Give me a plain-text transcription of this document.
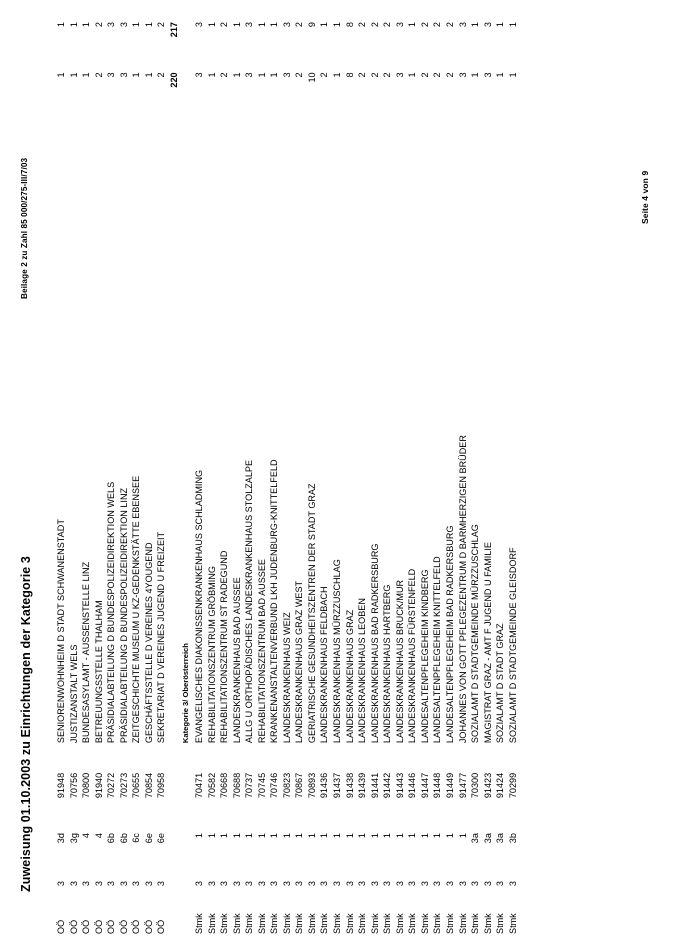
Zuweisung 01.10.2003 zu Einrichtungen der Kategorie 3
Beilage 2 zu Zahl 85 000/275-III/7/03	Seite 4 von 9
OÖ	3	3d		91948	SENIORENWOHNHEIM D STADT SCHWANENSTADT	1	1
OÖ	3	3g		70756	JUSTIZANSTALT WELS	1	1
OÖ	3	4		70800	BUNDESASYLAMT - AUSSENSTELLE LINZ	1	1
OÖ	3	4		91940	BETREUUNGSSTELLE THALHAM	2	2
OÖ	3	6b		70272	PRÄSIDIALABTEILUNG D BUNDESPOLIZEIDIREKTION WELS	3	3
OÖ	3	6b		70273	PRÄSIDIALABTEILUNG D BUNDESPOLIZEIDIREKTION LINZ	3	3
OÖ	3	6c		70655	ZEITGESCHICHTE MUSEUM U KZ-GEDENKSTÄTTE EBENSEE	1	1
OÖ	3	6e		70854	GESCHÄFTSSTELLE D VEREINES 4YOUGEND	1	1
OÖ	3	6e		70958	SEKRETARIAT D VEREINES JUGEND U FREIZEIT	2	2
						220	217
					Kategorie 3/ Oberösterreich		
Stmk	3	1		70471	EVANGELISCHES DIAKONISSENKRANKENHAUS SCHLADMING	3	3
Stmk	3	1		70582	REHABILITATIONSZENTRUM GRÖBMING	1	1
Stmk	3	1		70668	REHABILITATIONSZENTRUM ST RADEGUND	2	2
Stmk	3	1		70688	LANDESKRANKENHAUS BAD AUSSEE	1	1
Stmk	3	1		70737	ALLG U ORTHOPÄDISCHES LANDESKRANKENHAUS STOLZALPE	3	3
Stmk	3	1		70745	REHABILITATIONSZENTRUM BAD AUSSEE	1	1
Stmk	3	1		70746	KRANKENANSTALTENVERBUND LKH JUDENBURG-KNITTELFELD	1	1
Stmk	3	1		70823	LANDESKRANKENHAUS WEIZ	3	3
Stmk	3	1		70867	LANDESKRANKENHAUS GRAZ WEST	2	2
Stmk	3	1		70893	GERIATRISCHE GESUNDHEITSZENTREN DER STADT GRAZ	10	9
Stmk	3	1		91436	LANDESKRANKENHAUS FELDBACH	2	1
Stmk	3	1		91437	LANDESKRANKENHAUS MÜRZZUSCHLAG	1	1
Stmk	3	1		91438	LANDESKRANKENHAUS GRAZ	8	8
Stmk	3	1		91439	LANDESKRANKENHAUS LEOBEN	2	2
Stmk	3	1		91441	LANDESKRANKENHAUS BAD RADKERSBURG	2	2
Stmk	3	1		91442	LANDESKRANKENHAUS HARTBERG	2	2
Stmk	3	1		91443	LANDESKRANKENHAUS BRUCK/MUR	3	3
Stmk	3	1		91446	LANDESKRANKENHAUS FÜRSTENFELD	1	1
Stmk	3	1		91447	LANDESALTENPFLEGEHEIM KINDBERG	2	2
Stmk	3	1		91448	LANDESALTENPFLEGEHEIM KNITTELFELD	2	2
Stmk	3	1		91449	LANDESALTENPFLEGEHEIM BAD RADKERSBURG	2	2
Stmk	3	1		91477	JOHANNES VON GOTT PFLEGEZENTRUM D BARMHERZIGEN BRÜDER	3	3
Stmk	3	3a		70300	SOZIALAMT D STADTGEMEINDE MÜRZZUSCHLAG	1	1
Stmk	3	3a		91423	MAGISTRAT GRAZ - AMT F JUGEND U FAMILIE	3	3
Stmk	3	3a		91424	SOZIALAMT D STADT GRAZ	1	1
Stmk	3	3b		70299	SOZIALAMT D STADTGEMEINDE GLEISDORF	1	1
